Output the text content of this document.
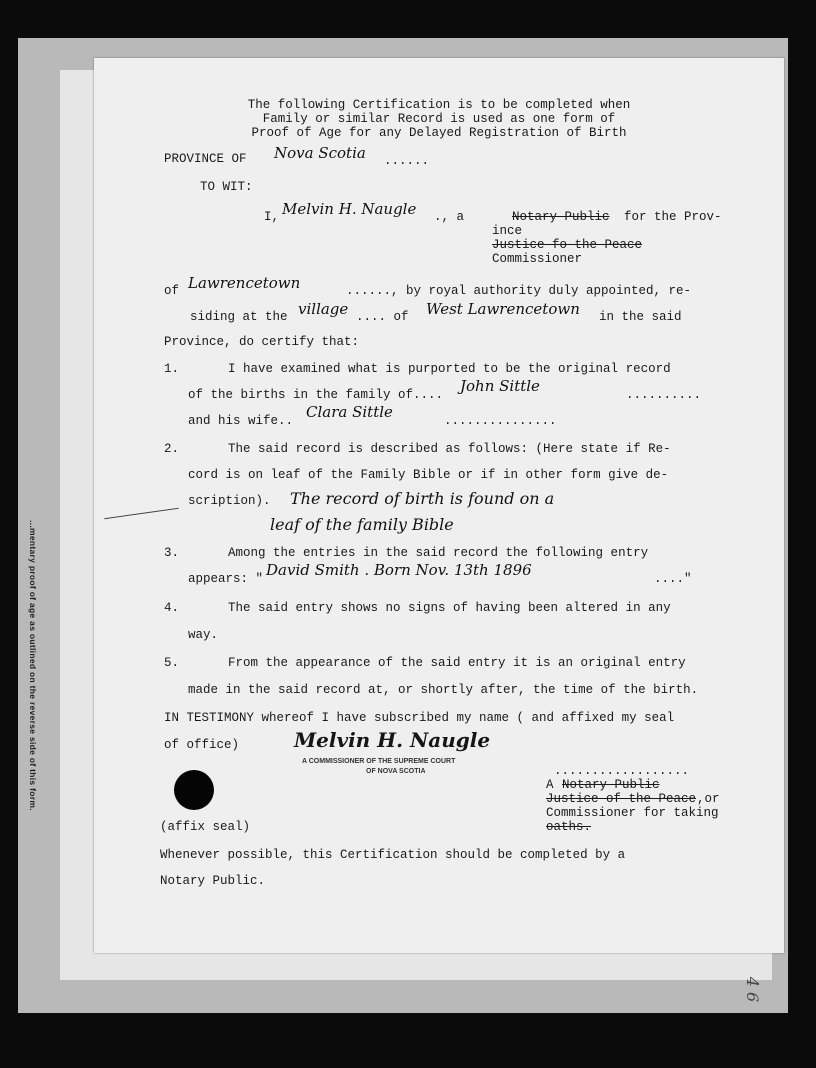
...mentary proof of age as outlined on the reverse side of this form.
4 6
The following Certification is to be completed when
Family or similar Record is used as one form of
Proof of Age for any Delayed Registration of Birth
PROVINCE OF Nova Scotia ......
TO WIT:
I, Melvin H. Naugle ., a	Notary Public for the Prov-
ince
Justice fo the Peace
Commissioner
of Lawrencetown	......, by royal authority duly appointed, re-
siding at the village .... of West Lawrencetown in the said
Province, do certify that:
1.	I have examined what is purported to be the original record
of the births in the family of.... John Sittle	..........
and his wife.. Clara Sittle	...............
2.	The said record is described as follows: (Here state if Re-
cord is on leaf of the Family Bible or if in other form give de-
scription). The record of birth is found on a
leaf of the family Bible
3.	Among the entries in the said record the following entry
appears: " David Smith . Born Nov. 13th 1896	...."
4.	The said entry shows no signs of having been altered in any
way.
5.	From the appearance of the said entry it is an original entry
made in the said record at, or shortly after, the time of the birth.
IN TESTIMONY whereof I have subscribed my name ( and affixed my seal
of office)	Melvin H. Naugle
A COMMISSIONER OF THE SUPREME COURT
OF NOVA SCOTIA	..................
A Notary Public
Justice of the Peace ,or
Commissioner for taking
oaths.
(affix seal)
Whenever possible, this Certification should be completed by a
Notary Public.
